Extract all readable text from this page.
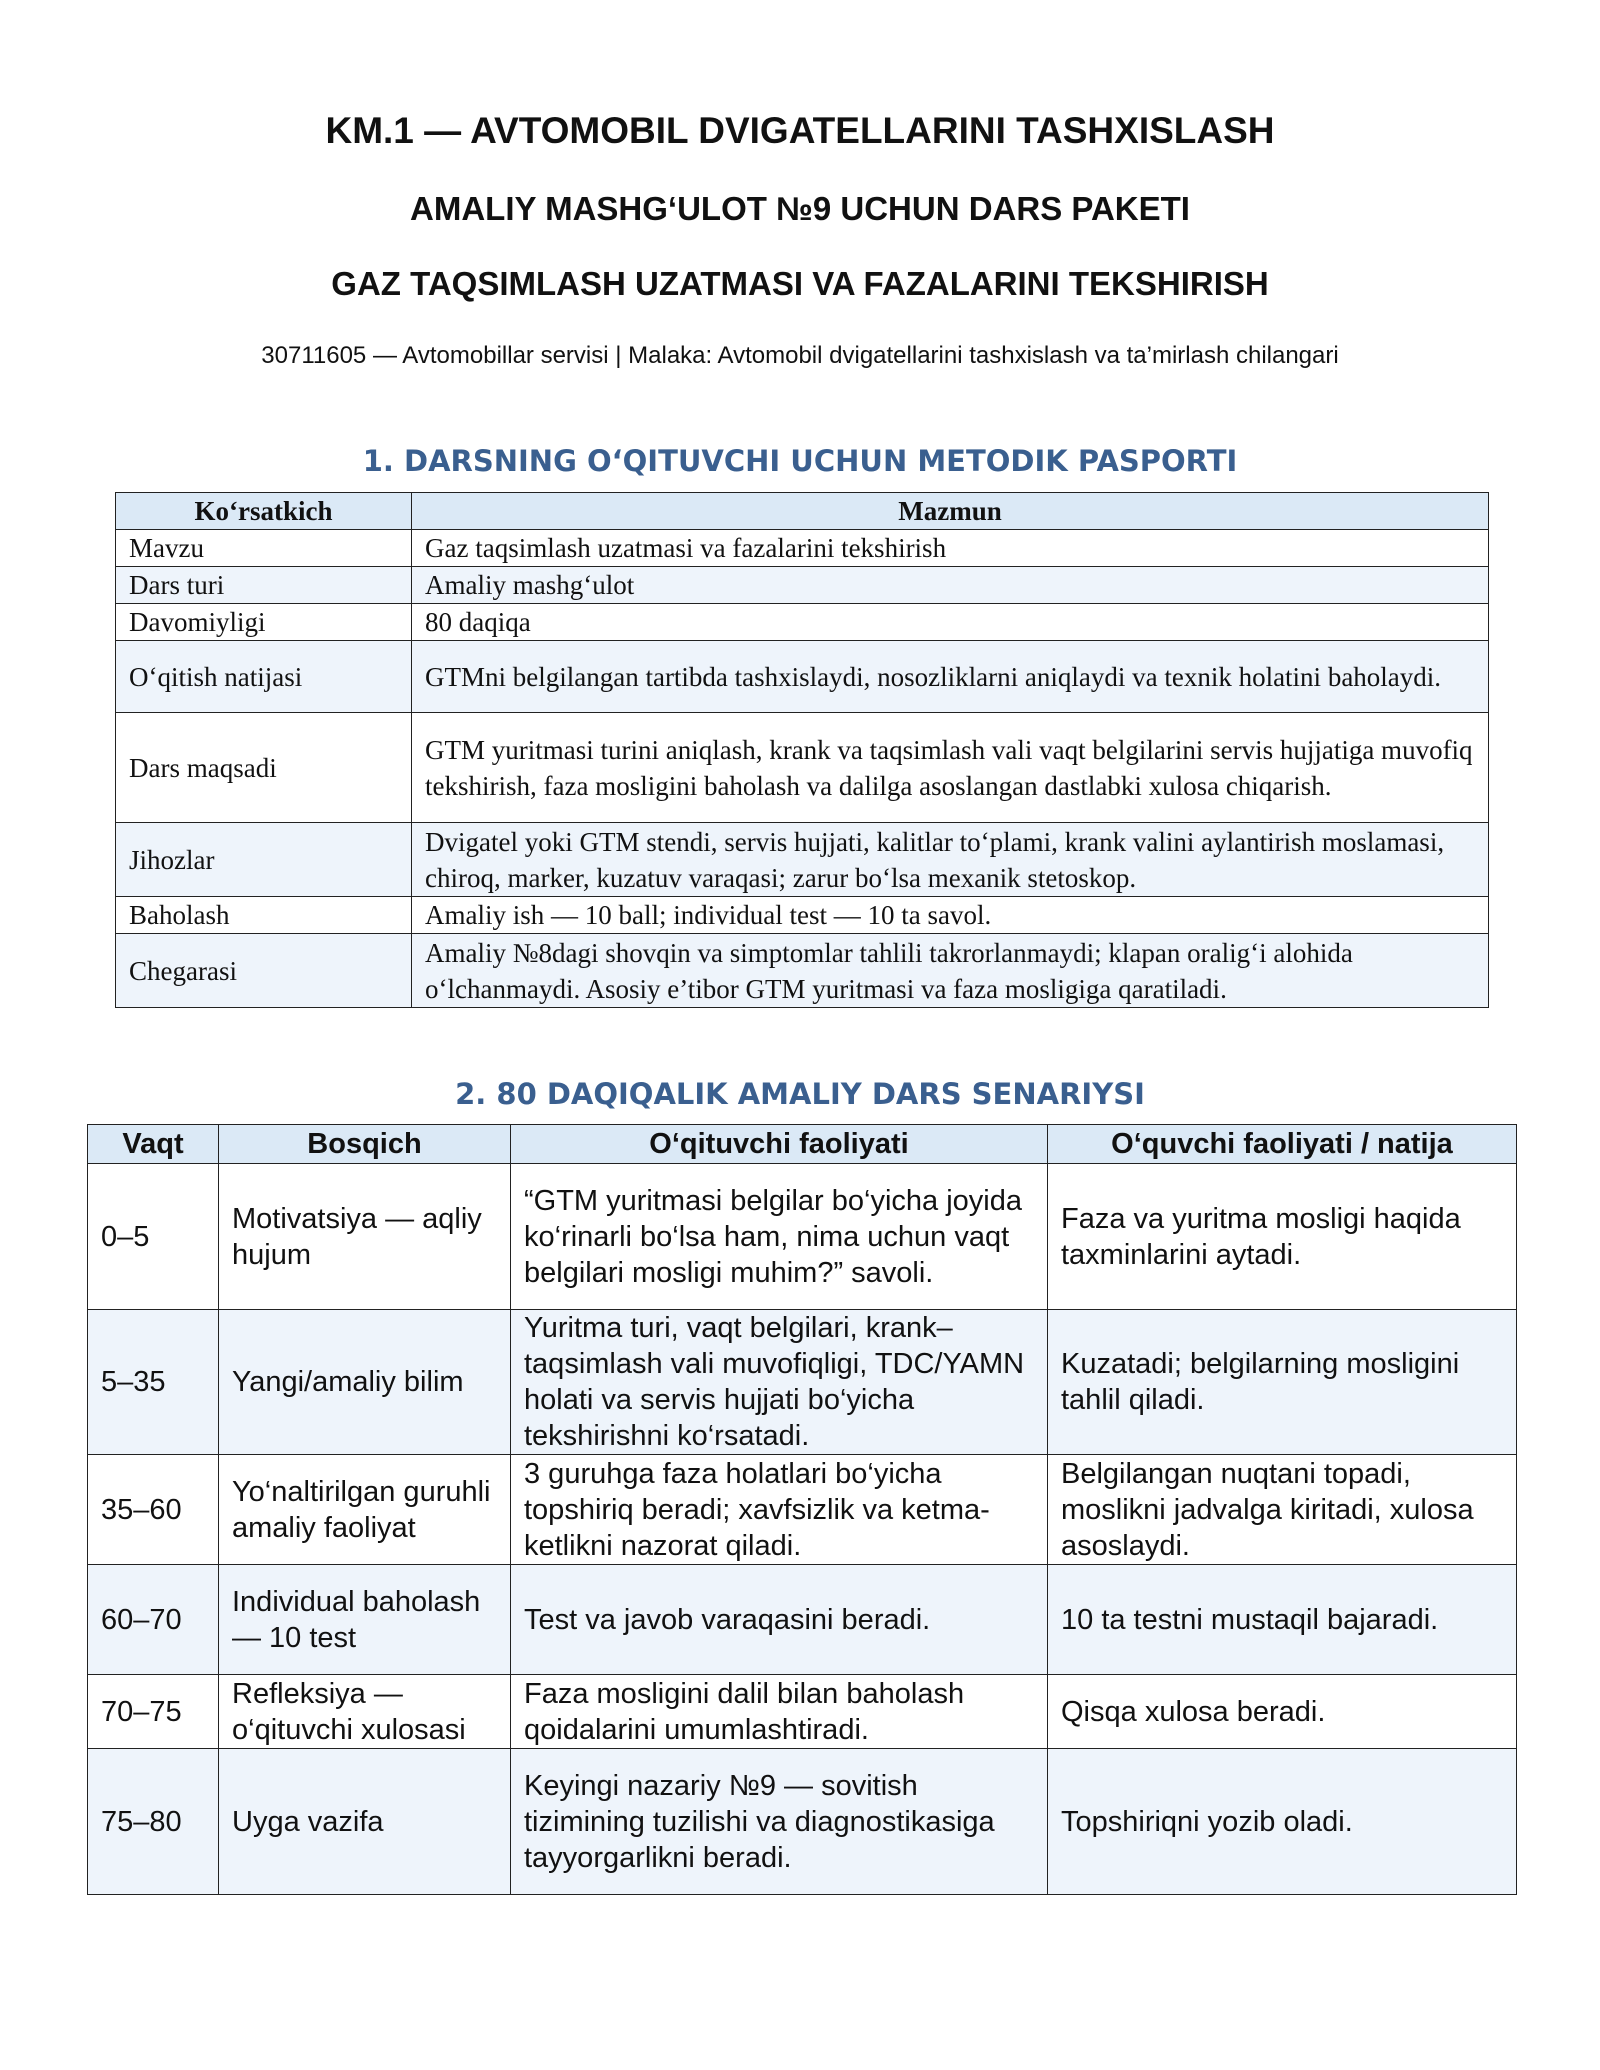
KM.1 — AVTOMOBIL DVIGATELLARINI TASHXISLASH
AMALIY MASHG‘ULOT №9 UCHUN DARS PAKETI
GAZ TAQSIMLASH UZATMASI VA FAZALARINI TEKSHIRISH
30711605 — Avtomobillar servisi | Malaka: Avtomobil dvigatellarini tashxislash va ta’mirlash chilangari
1. DARSNING O‘QITUVCHI UCHUN METODIK PASPORTI
Ko‘rsatkich	Mazmun
Mavzu	Gaz taqsimlash uzatmasi va fazalarini tekshirish
Dars turi	Amaliy mashg‘ulot
Davomiyligi	80 daqiqa
O‘qitish natijasi	GTMni belgilangan tartibda tashxislaydi, nosozliklarni aniqlaydi va texnik holatini baholaydi.
Dars maqsadi	GTM yuritmasi turini aniqlash, krank va taqsimlash vali vaqt belgilarini servis hujjatiga muvofiq tekshirish, faza mosligini baholash va dalilga asoslangan dastlabki xulosa chiqarish.
Jihozlar	Dvigatel yoki GTM stendi, servis hujjati, kalitlar to‘plami, krank valini aylantirish moslamasi, chiroq, marker, kuzatuv varaqasi; zarur bo‘lsa mexanik stetoskop.
Baholash	Amaliy ish — 10 ball; individual test — 10 ta savol.
Chegarasi	Amaliy №8dagi shovqin va simptomlar tahlili takrorlanmaydi; klapan oralig‘i alohida o‘lchanmaydi. Asosiy e’tibor GTM yuritmasi va faza mosligiga qaratiladi.
2. 80 DAQIQALIK AMALIY DARS SENARIYSI
Vaqt	Bosqich	O‘qituvchi faoliyati	O‘quvchi faoliyati / natija
0–5	Motivatsiya — aqliy hujum	“GTM yuritmasi belgilar bo‘yicha joyida ko‘rinarli bo‘lsa ham, nima uchun vaqt belgilari mosligi muhim?” savoli.	Faza va yuritma mosligi haqida taxminlarini aytadi.
5–35	Yangi/amaliy bilim	Yuritma turi, vaqt belgilari, krank–taqsimlash vali muvofiqligi, TDC/YAMN holati va servis hujjati bo‘yicha tekshirishni ko‘rsatadi.	Kuzatadi; belgilarning mosligini tahlil qiladi.
35–60	Yo‘naltirilgan guruhli amaliy faoliyat	3 guruhga faza holatlari bo‘yicha topshiriq beradi; xavfsizlik va ketma-ketlikni nazorat qiladi.	Belgilangan nuqtani topadi, moslikni jadvalga kiritadi, xulosa asoslaydi.
60–70	Individual baholash — 10 test	Test va javob varaqasini beradi.	10 ta testni mustaqil bajaradi.
70–75	Refleksiya — o‘qituvchi xulosasi	Faza mosligini dalil bilan baholash qoidalarini umumlashtiradi.	Qisqa xulosa beradi.
75–80	Uyga vazifa	Keyingi nazariy №9 — sovitish tizimining tuzilishi va diagnostikasiga tayyorgarlikni beradi.	Topshiriqni yozib oladi.
